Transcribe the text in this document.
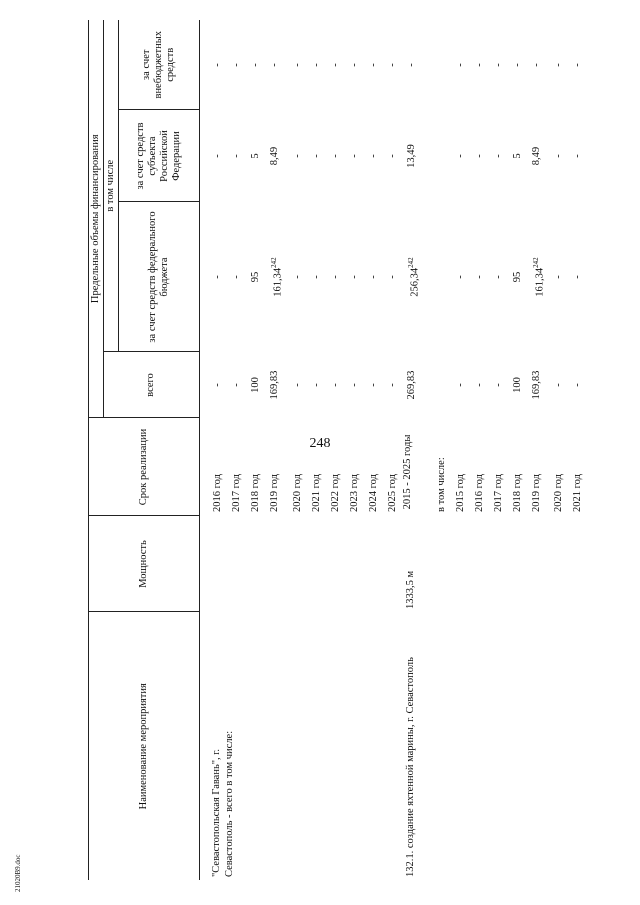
248
21020В9.doc
Наименование мероприятия	Мощность	Срок реализации	Предельные объемы финансирования			
			всего	в том числе		
				за счет средств федерального бюджета	за счет средств субъекта Российской Федерации	за счет внебюджетных средств

"Севастопольская Гавань", г. Севастополь - всего в том числе:		2016 год	-	-	-	-
		2017 год	-	-	-	-
		2018 год	100	95	5	-
		2019 год	169,83	161,34$^{242}$	8,49	-
		2020 год	-	-	-	-
		2021 год	-	-	-	-
		2022 год	-	-	-	-
		2023 год	-	-	-	-
		2024 год	-	-	-	-
		2025 год	-	-	-	-

132.1. создание яхтенной марины, г. Севастополь	1333,5 м	2015 - 2025 годы	269,83	256,34$^{242}$	13,49	-
		в том числе:				
		2015 год	-	-	-	-
		2016 год	-	-	-	-
		2017 год	-	-	-	-
		2018 год	100	95	5	-
		2019 год	169,83	161,34$^{242}$	8,49	-
		2020 год	-	-	-	-
		2021 год	-	-	-	-
